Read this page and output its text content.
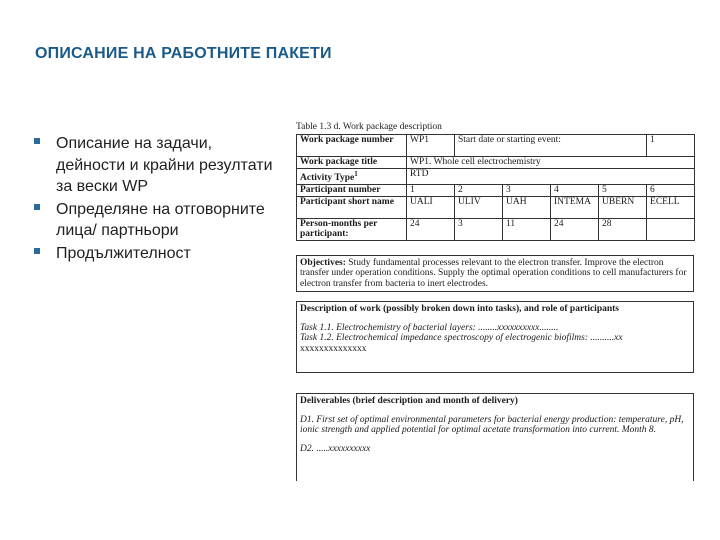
ОПИСАНИЕ НА РАБОТНИТЕ ПАКЕТИ
Описание на задачи, дейности и крайни резултати за вески WP
Определяне на отговорните лица/ партньори
Продължителност
Table 1.3 d. Work package description
Work package number	WP1	Start date or starting event:				1
Work package title	WP1. Whole cell electrochemistry					
Activity Type$^1$	RTD					
Participant number	1	2	3	4	5	6
Participant short name	UALI	ULIV	UAH	INTEMA	UBERN	ECELL
Person-months per participant:	24	3	11	24	28	
Objectives: Study fundamental processes relevant to the electron transfer. Improve the electron transfer under operation conditions. Supply the optimal operation conditions to cell manufacturers for electron transfer from bacteria to inert electrodes.
Description of work (possibly broken down into tasks), and role of participants
Task 1.1. Electrochemistry of bacterial layers: ........xxxxxxxxxx........
Task 1.2. Electrochemical impedance spectroscopy of electrogenic biofilms: ..........xx
xxxxxxxxxxxxxx
Deliverables (brief description and month of delivery)
D1. First set of optimal environmental parameters for bacterial energy production: temperature, pH, ionic strength and applied potential for optimal acetate transformation into current. Month 8.
D2. .....xxxxxxxxxx
